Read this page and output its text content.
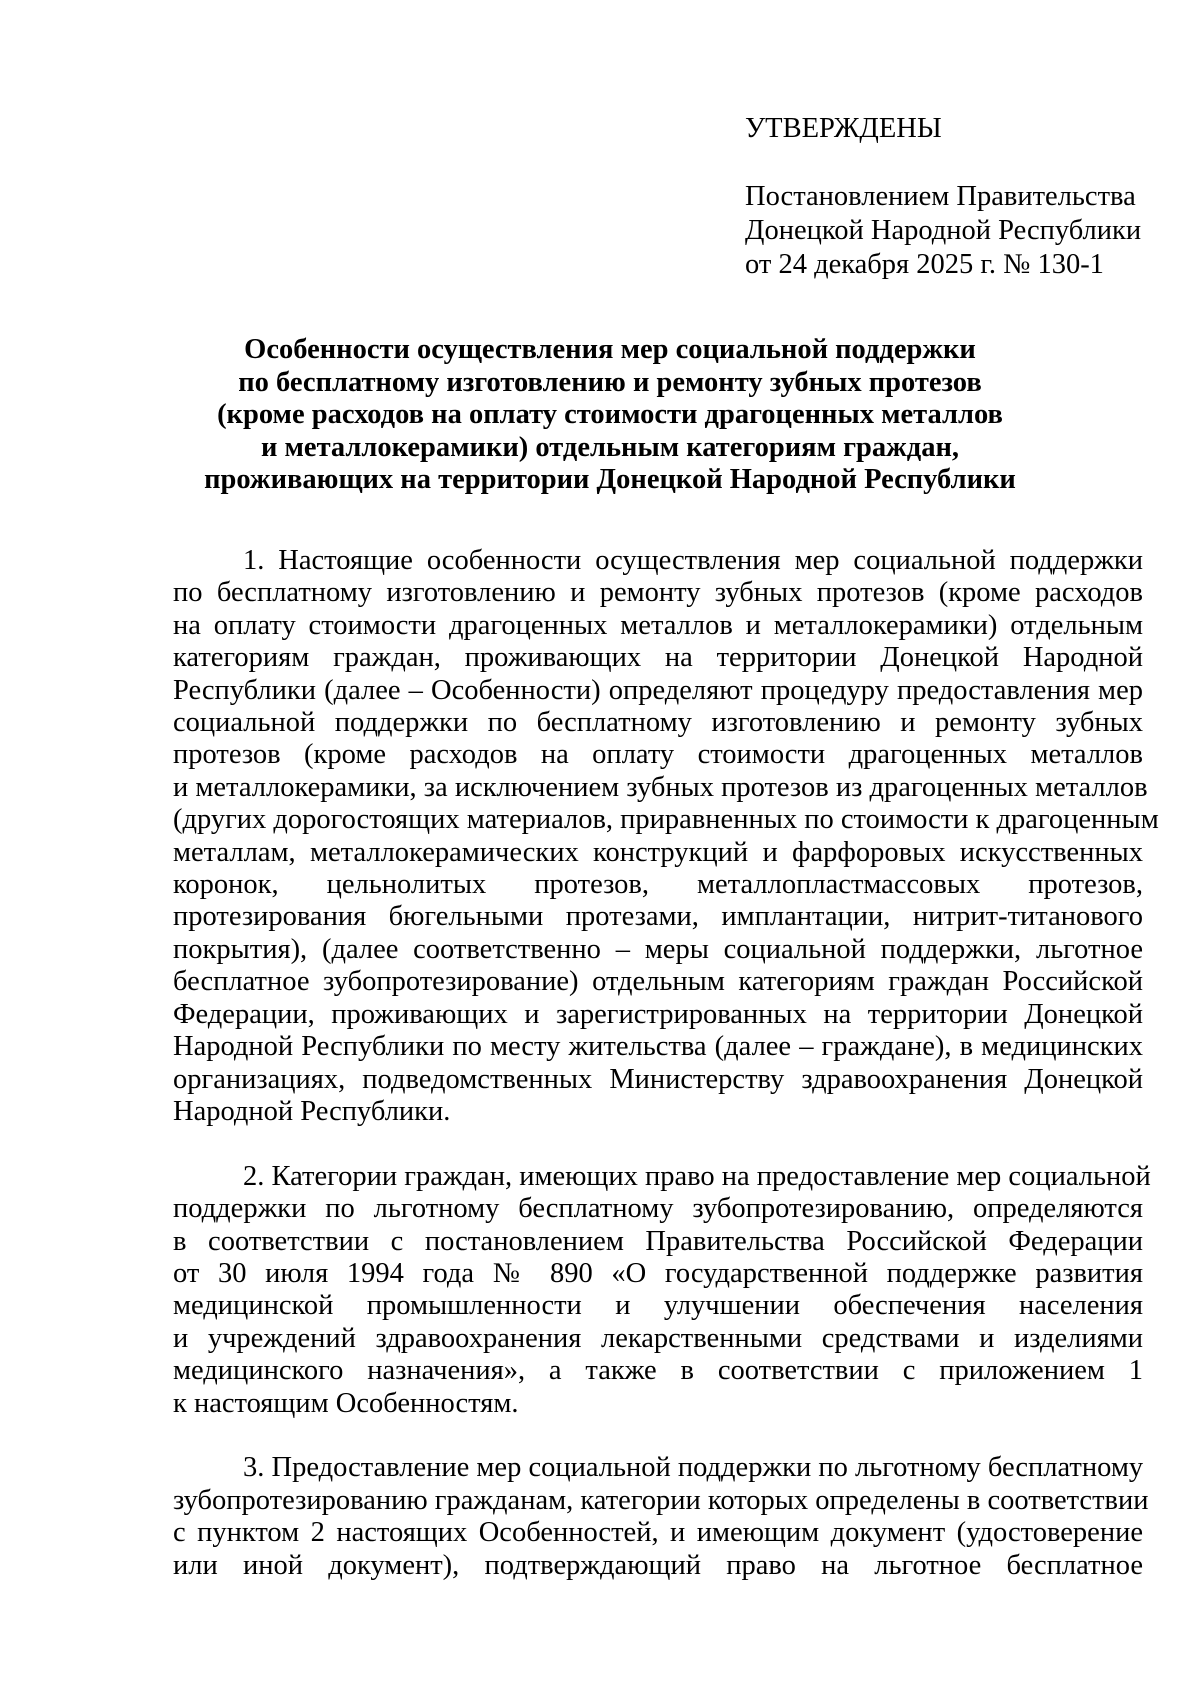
УТВЕРЖДЕНЫ
Постановлением Правительства
Донецкой Народной Республики
от 24 декабря 2025 г. № 130-1
Особенности осуществления мер социальной поддержки
по бесплатному изготовлению и ремонту зубных протезов
(кроме расходов на оплату стоимости драгоценных металлов
и металлокерамики) отдельным категориям граждан,
проживающих на территории Донецкой Народной Республики
1. Настоящие особенности осуществления мер социальной поддержки
по бесплатному изготовлению и ремонту зубных протезов (кроме расходов
на оплату стоимости драгоценных металлов и металлокерамики) отдельным
категориям граждан, проживающих на территории Донецкой Народной
Республики (далее – Особенности) определяют процедуру предоставления мер
социальной поддержки по бесплатному изготовлению и ремонту зубных
протезов (кроме расходов на оплату стоимости драгоценных металлов
и металлокерамики, за исключением зубных протезов из драгоценных металлов
(других дорогостоящих материалов, приравненных по стоимости к драгоценным
металлам, металлокерамических конструкций и фарфоровых искусственных
коронок, цельнолитых протезов, металлопластмассовых протезов,
протезирования бюгельными протезами, имплантации, нитрит-титанового
покрытия), (далее соответственно – меры социальной поддержки, льготное
бесплатное зубопротезирование) отдельным категориям граждан Российской
Федерации, проживающих и зарегистрированных на территории Донецкой
Народной Республики по месту жительства (далее – граждане), в медицинских
организациях, подведомственных Министерству здравоохранения Донецкой
Народной Республики.
2. Категории граждан, имеющих право на предоставление мер социальной
поддержки по льготному бесплатному зубопротезированию, определяются
в соответствии с постановлением Правительства Российской Федерации
от 30 июля 1994 года № 890 «О государственной поддержке развития
медицинской промышленности и улучшении обеспечения населения
и учреждений здравоохранения лекарственными средствами и изделиями
медицинского назначения», а также в соответствии с приложением 1
к настоящим Особенностям.
3. Предоставление мер социальной поддержки по льготному бесплатному
зубопротезированию гражданам, категории которых определены в соответствии
с пунктом 2 настоящих Особенностей, и имеющим документ (удостоверение
или иной документ), подтверждающий право на льготное бесплатное
